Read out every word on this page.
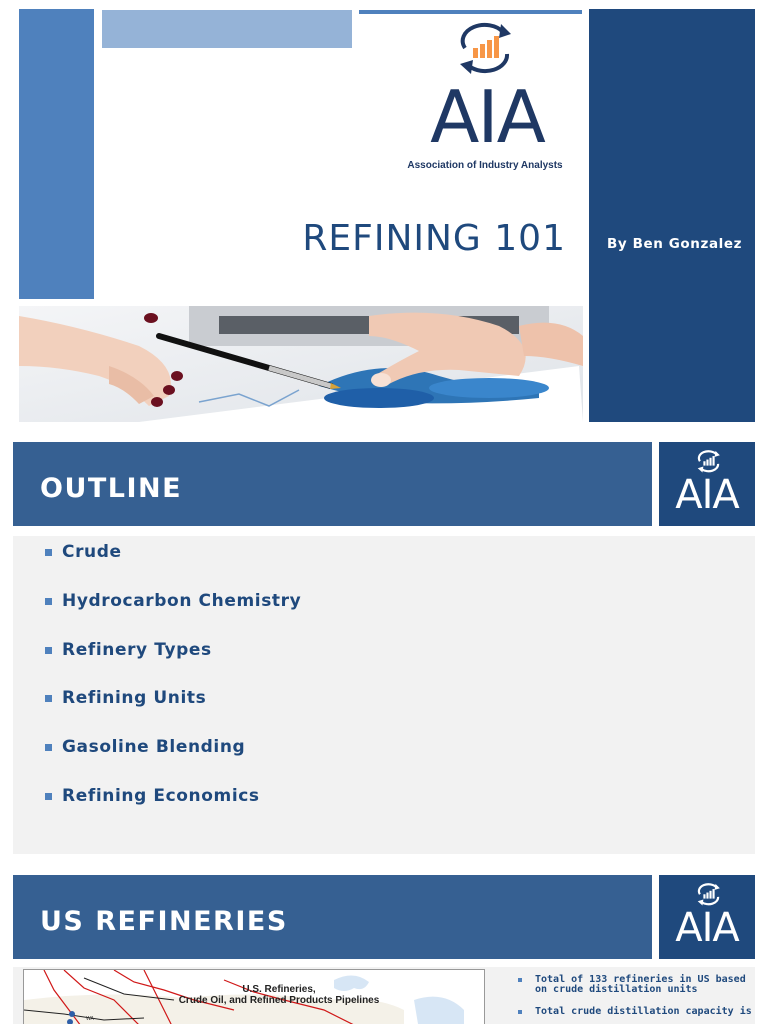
AIA
Association of Industry Analysts
REFINING 101	By Ben Gonzalez
OUTLINE	AIA
Crude
Hydrocarbon Chemistry
Refinery Types
Refining Units
Gasoline Blending
Refining Economics
US REFINERIES	AIA
U.S. Refineries,
Crude Oil, and Refined Products Pipelines
WA
Total of 133 refineries in US based on crude distillation units
Total crude distillation capacity is
